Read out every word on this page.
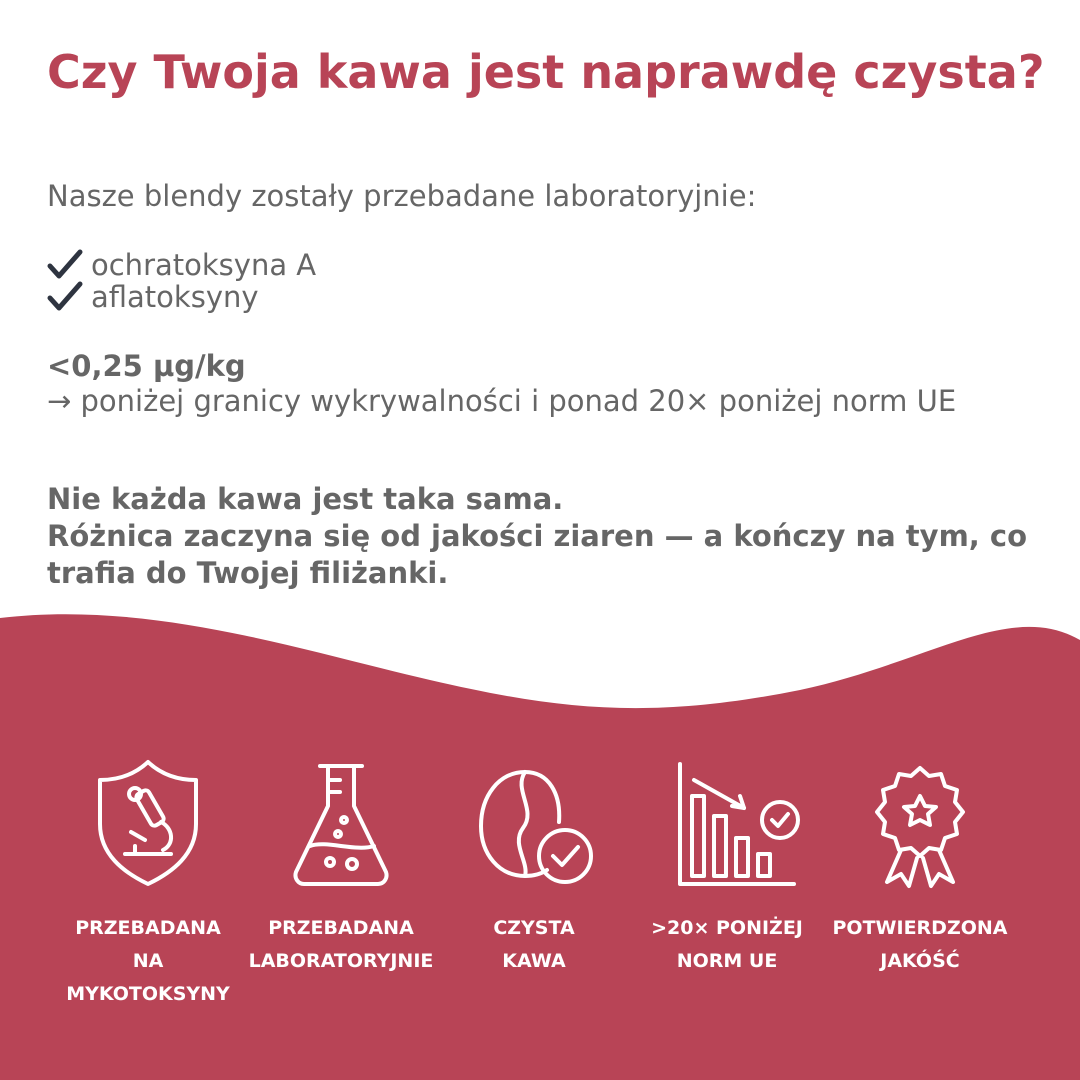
Czy Twoja kawa jest naprawdę czysta?

Nasze blendy zostały przebadane laboratoryjnie:

ochratoksyna A
aflatoksyny

<0,25 µg/kg

→ poniżej granicy wykrywalności i ponad 20× poniżej norm UE

Nie każda kawa jest taka sama.
Różnica zaczyna się od jakości ziaren — a kończy na tym, co trafia do Twojej filiżanki.

PRZEBADANA
NA MYKOTOKSYNY
PRZEBADANA
LABORATORYJNIE
CZYSTA
KAWA
>20× PONIŻEJ
NORM UE
POTWIERDZONA
JAKÓŚĆ
